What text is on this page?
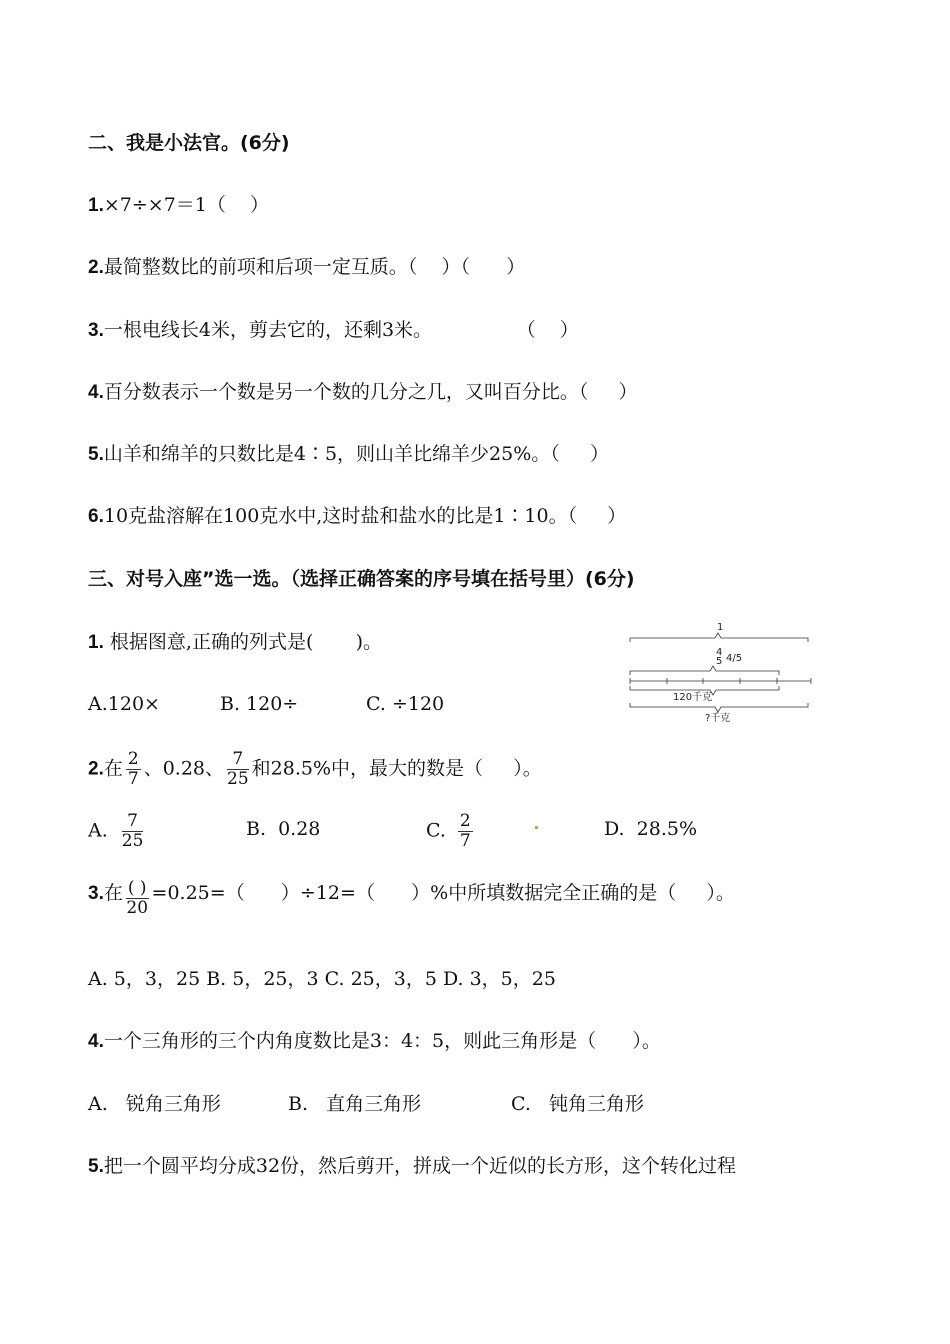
二、我是小法官。(6分)
1.×7÷×7＝1（    ）
2.最简整数比的前项和后项一定互质。（    ）（      ）
3.一根电线长4米，剪去它的，还剩3米。              （    ）
4.百分数表示一个数是另一个数的几分之几，又叫百分比。（     ）
5.山羊和绵羊的只数比是4∶5，则山羊比绵羊少25%。（     ）
6.10克盐溶解在100克水中,这时盐和盐水的比是1∶10。（     ）
三、对号入座”选一选。（选择正确答案的序号填在括号里）(6分)
1. 根据图意,正确的列式是(       )。
A.120×	B. 120÷	C. ÷120
1
4
5 4/5
120千克
?千克
2.在 $\frac{2}{7}$ 、0.28、 $\frac{7}{25}$ 和28.5%中，最大的数是（     ）。
A. $\frac{7}{25}$	B.  0.28	C. $\frac{2}{7}$	D.  28.5%
3.在 $\frac{( )}{20} =0.25=$（      ）÷12=（      ）%中所填数据完全正确的是（     ）。
A. 5，3，25 B. 5，25，3 C. 25，3，5 D. 3，5，25
4.一个三角形的三个内角度数比是3：4：5，则此三角形是（      ）。
A.   锐角三角形	B.   直角三角形	C.   钝角三角形
5.把一个圆平均分成32份，然后剪开，拼成一个近似的长方形，这个转化过程
